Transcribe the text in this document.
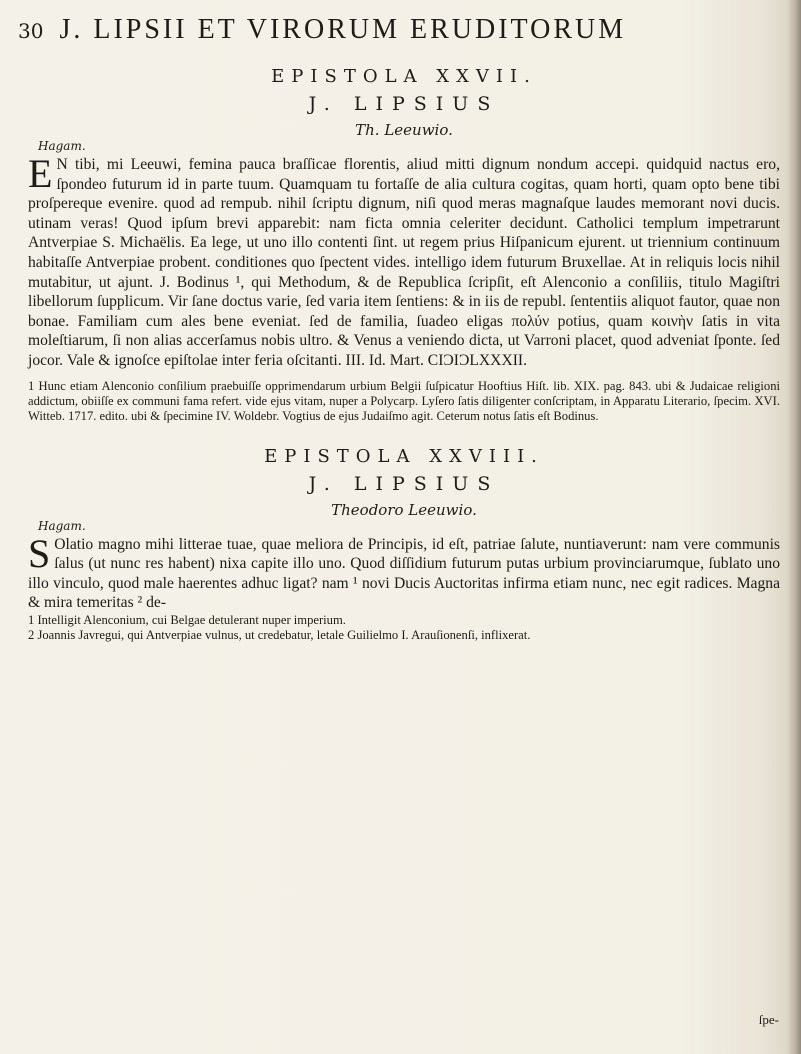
30 J. LIPSII ET VIRORUM ERUDITORUM
EPISTOLA XXVII.
J. LIPSIUS
Th. Leeuwio.
Hagam.

E N tibi, mi Leeuwi, femina pauca braſſicae florentis, aliud mitti dignum nondum accepi. quidquid nactus ero, ſpondeo futurum id in parte tuum. Quamquam tu fortaſſe de alia cultura cogitas, quam horti, quam opto bene tibi proſpereque evenire. quod ad rempub. nihil ſcriptu dignum, niſi quod meras magnaſque laudes memorant novi ducis. utinam veras! Quod ipſum brevi apparebit: nam ficta omnia celeriter decidunt. Catholici templum impetrarunt Antverpiae S. Michaëlis. Ea lege, ut uno illo contenti ſint. ut regem prius Hiſpanicum ejurent. ut triennium continuum habitaſſe Antverpiae probent. conditiones quo ſpectent vides. intelligo idem futurum Bruxellae. At in reliquis locis nihil mutabitur, ut ajunt. J. Bodinus ¹, qui Methodum, & de Republica ſcripſit, eſt Alenconio a conſiliis, titulo Magiſtri libellorum ſupplicum. Vir ſane doctus varie, ſed varia item ſentiens: & in iis de republ. ſententiis aliquot fautor, quae non bonae. Familiam cum ales bene eveniat. ſed de familia, ſuadeo eligas πολύν potius, quam κοινὴν ſatis in vita moleſtiarum, ſi non alias accerſamus nobis ultro. & Venus a veniendo dicta, ut Varroni placet, quod adveniat ſponte. ſed jocor. Vale & ignoſce epiſtolae inter feria oſcitanti. III. Id. Mart. CIƆIƆLXXXII.

1 Hunc etiam Alenconio conſilium praebuiſſe opprimendarum urbium Belgii ſuſpicatur Hooftius Hiſt. lib. XIX. pag. 843. ubi & Judaicae religioni addictum, obiiſſe ex communi fama refert. vide ejus vitam, nuper a Polycarp. Lyſero ſatis diligenter conſcriptam, in Apparatu Literario, ſpecim. XVI. Witteb. 1717. edito. ubi & ſpecimine IV. Woldebr. Vogtius de ejus Judaiſmo agit. Ceterum notus ſatis eſt Bodinus.

EPISTOLA XXVIII.
J. LIPSIUS
Theodoro Leeuwio.
Hagam.

S Olatio magno mihi litterae tuae, quae meliora de Principis, id eſt, patriae ſalute, nuntiaverunt: nam vere communis ſalus (ut nunc res habent) nixa capite illo uno. Quod diſſidium futurum putas urbium provinciarumque, ſublato uno illo vinculo, quod male haerentes adhuc ligat? nam ¹ novi Ducis Auctoritas infirma etiam nunc, nec egit radices. Magna & mira temeritas ² de-

1 Intelligit Alenconium, cui Belgae detulerant nuper imperium.

2 Joannis Javregui, qui Antverpiae vulnus, ut credebatur, letale Guilielmo I. Arauſionenſi, inflixerat.

ſpe-
